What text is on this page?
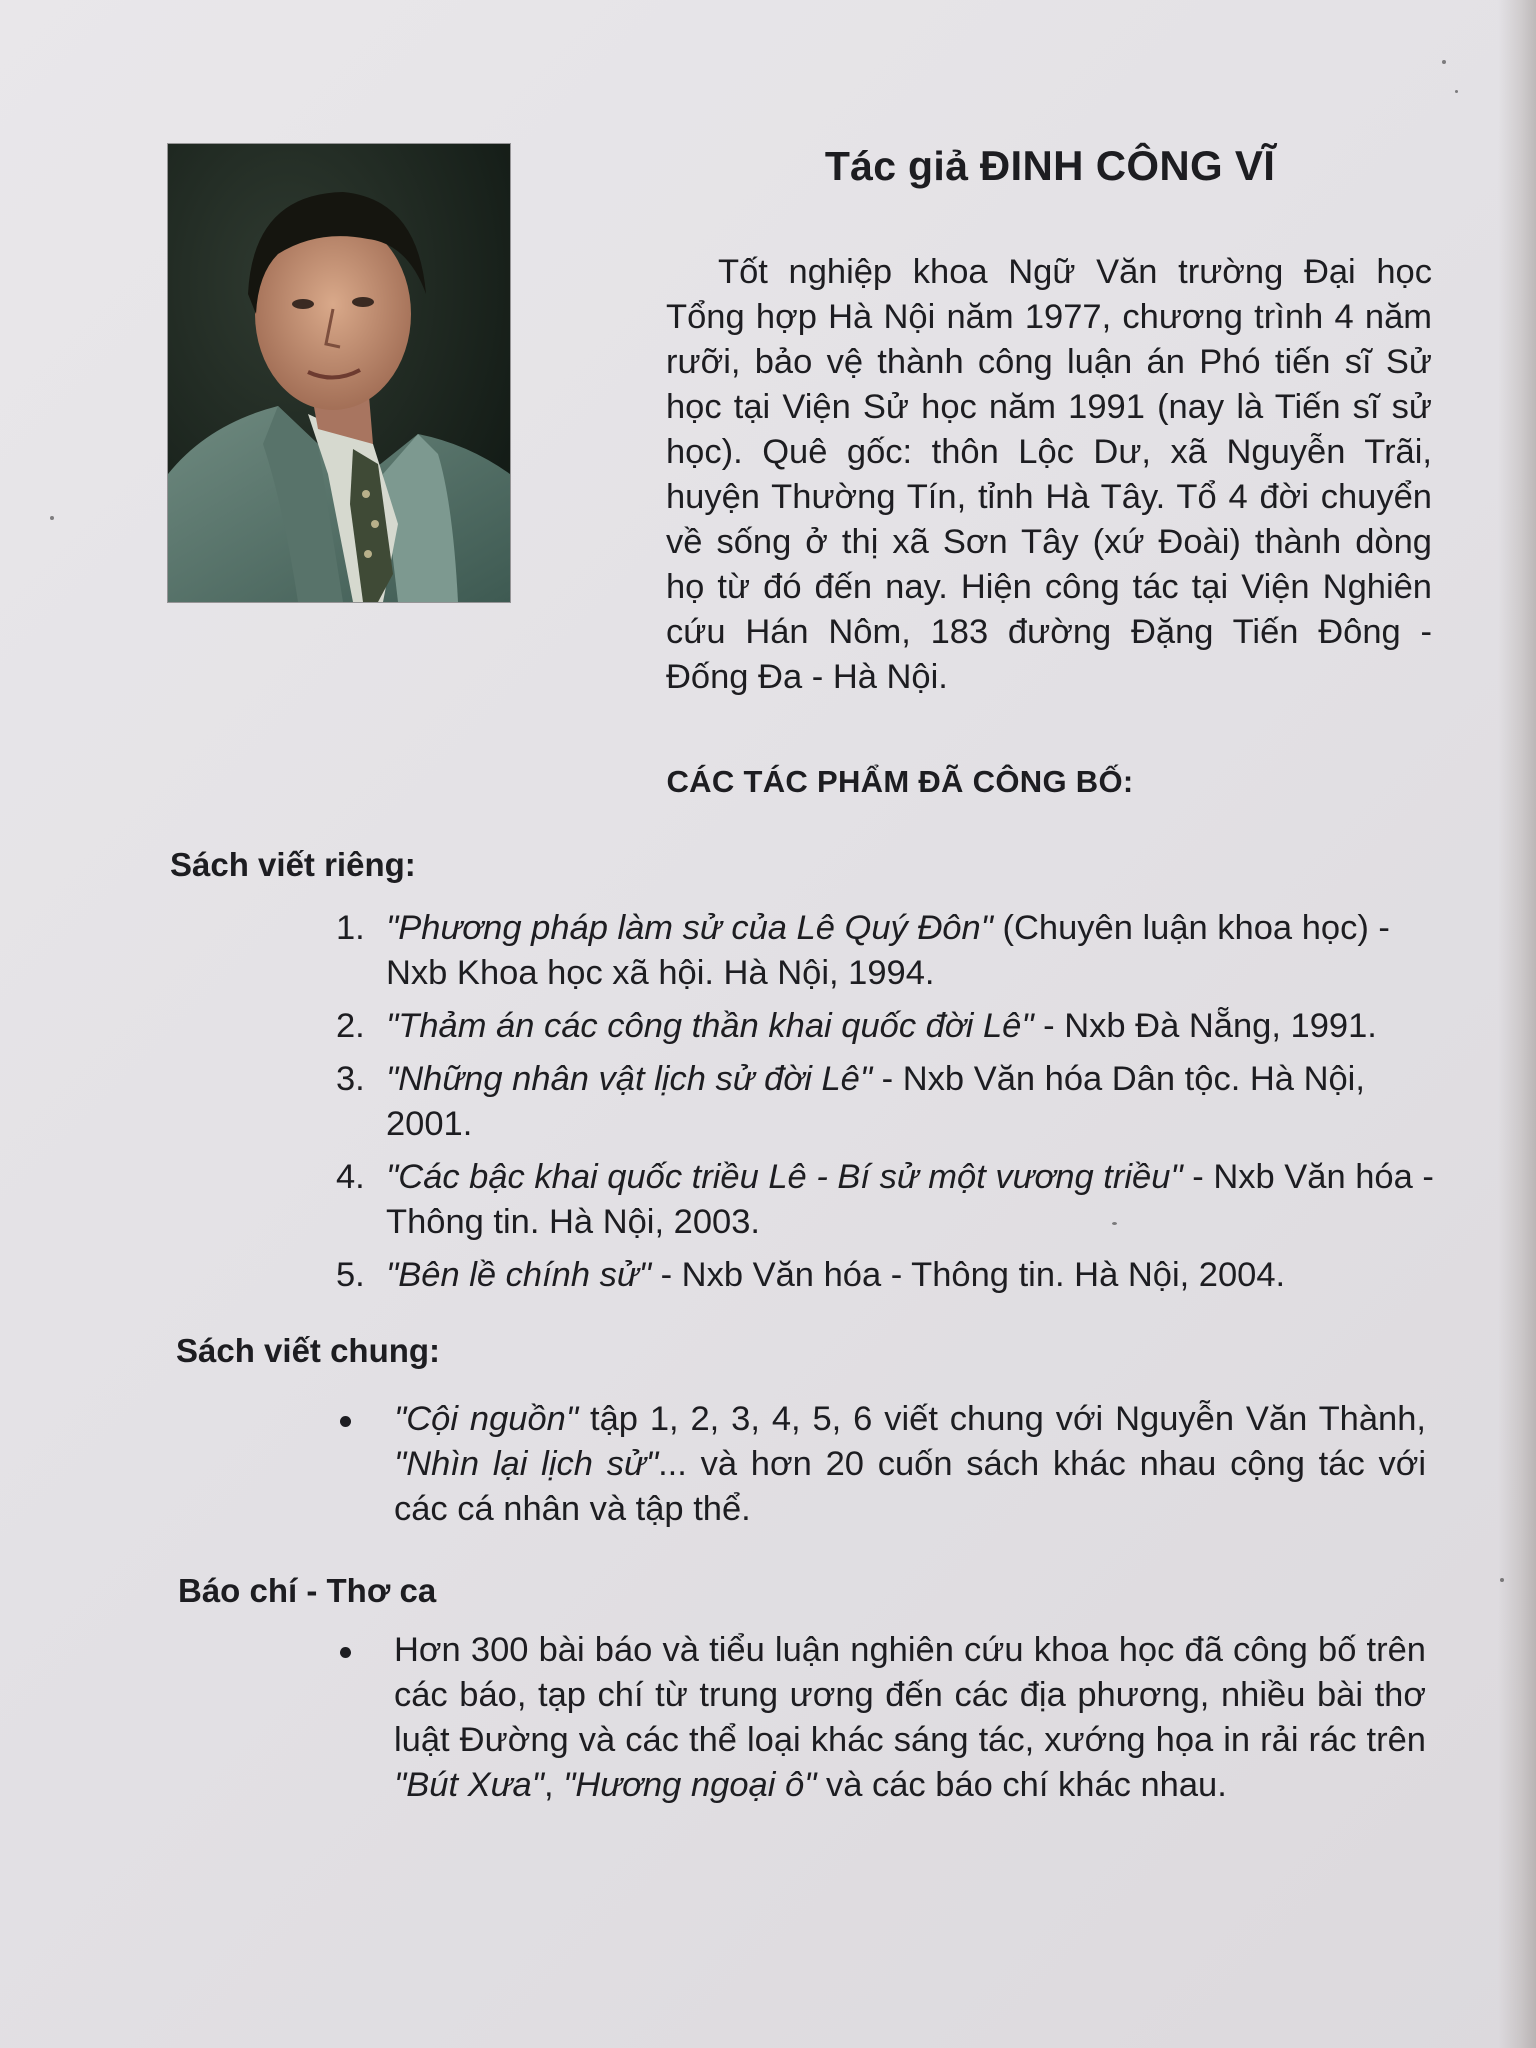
Tác giả ĐINH CÔNG VĨ
Tốt nghiệp khoa Ngữ Văn trường Đại học Tổng hợp Hà Nội năm 1977, chương trình 4 năm rưỡi, bảo vệ thành công luận án Phó tiến sĩ Sử học tại Viện Sử học năm 1991 (nay là Tiến sĩ sử học). Quê gốc: thôn Lộc Dư, xã Nguyễn Trãi, huyện Thường Tín, tỉnh Hà Tây. Tổ 4 đời chuyển về sống ở thị xã Sơn Tây (xứ Đoài) thành dòng họ từ đó đến nay. Hiện công tác tại Viện Nghiên cứu Hán Nôm, 183 đường Đặng Tiến Đông - Đống Đa - Hà Nội.
CÁC TÁC PHẨM ĐÃ CÔNG BỐ:
Sách viết riêng:
1. "Phương pháp làm sử của Lê Quý Đôn" (Chuyên luận khoa học) - Nxb Khoa học xã hội. Hà Nội, 1994.
2. "Thảm án các công thần khai quốc đời Lê" - Nxb Đà Nẵng, 1991.
3. "Những nhân vật lịch sử đời Lê" - Nxb Văn hóa Dân tộc. Hà Nội, 2001.
4. "Các bậc khai quốc triều Lê - Bí sử một vương triều" - Nxb Văn hóa - Thông tin. Hà Nội, 2003.
5. "Bên lề chính sử" - Nxb Văn hóa - Thông tin. Hà Nội, 2004.
Sách viết chung:
"Cội nguồn" tập 1, 2, 3, 4, 5, 6 viết chung với Nguyễn Văn Thành, "Nhìn lại lịch sử"... và hơn 20 cuốn sách khác nhau cộng tác với các cá nhân và tập thể.
Báo chí - Thơ ca
Hơn 300 bài báo và tiểu luận nghiên cứu khoa học đã công bố trên các báo, tạp chí từ trung ương đến các địa phương, nhiều bài thơ luật Đường và các thể loại khác sáng tác, xướng họa in rải rác trên "Bút Xưa", "Hương ngoại ô" và các báo chí khác nhau.
